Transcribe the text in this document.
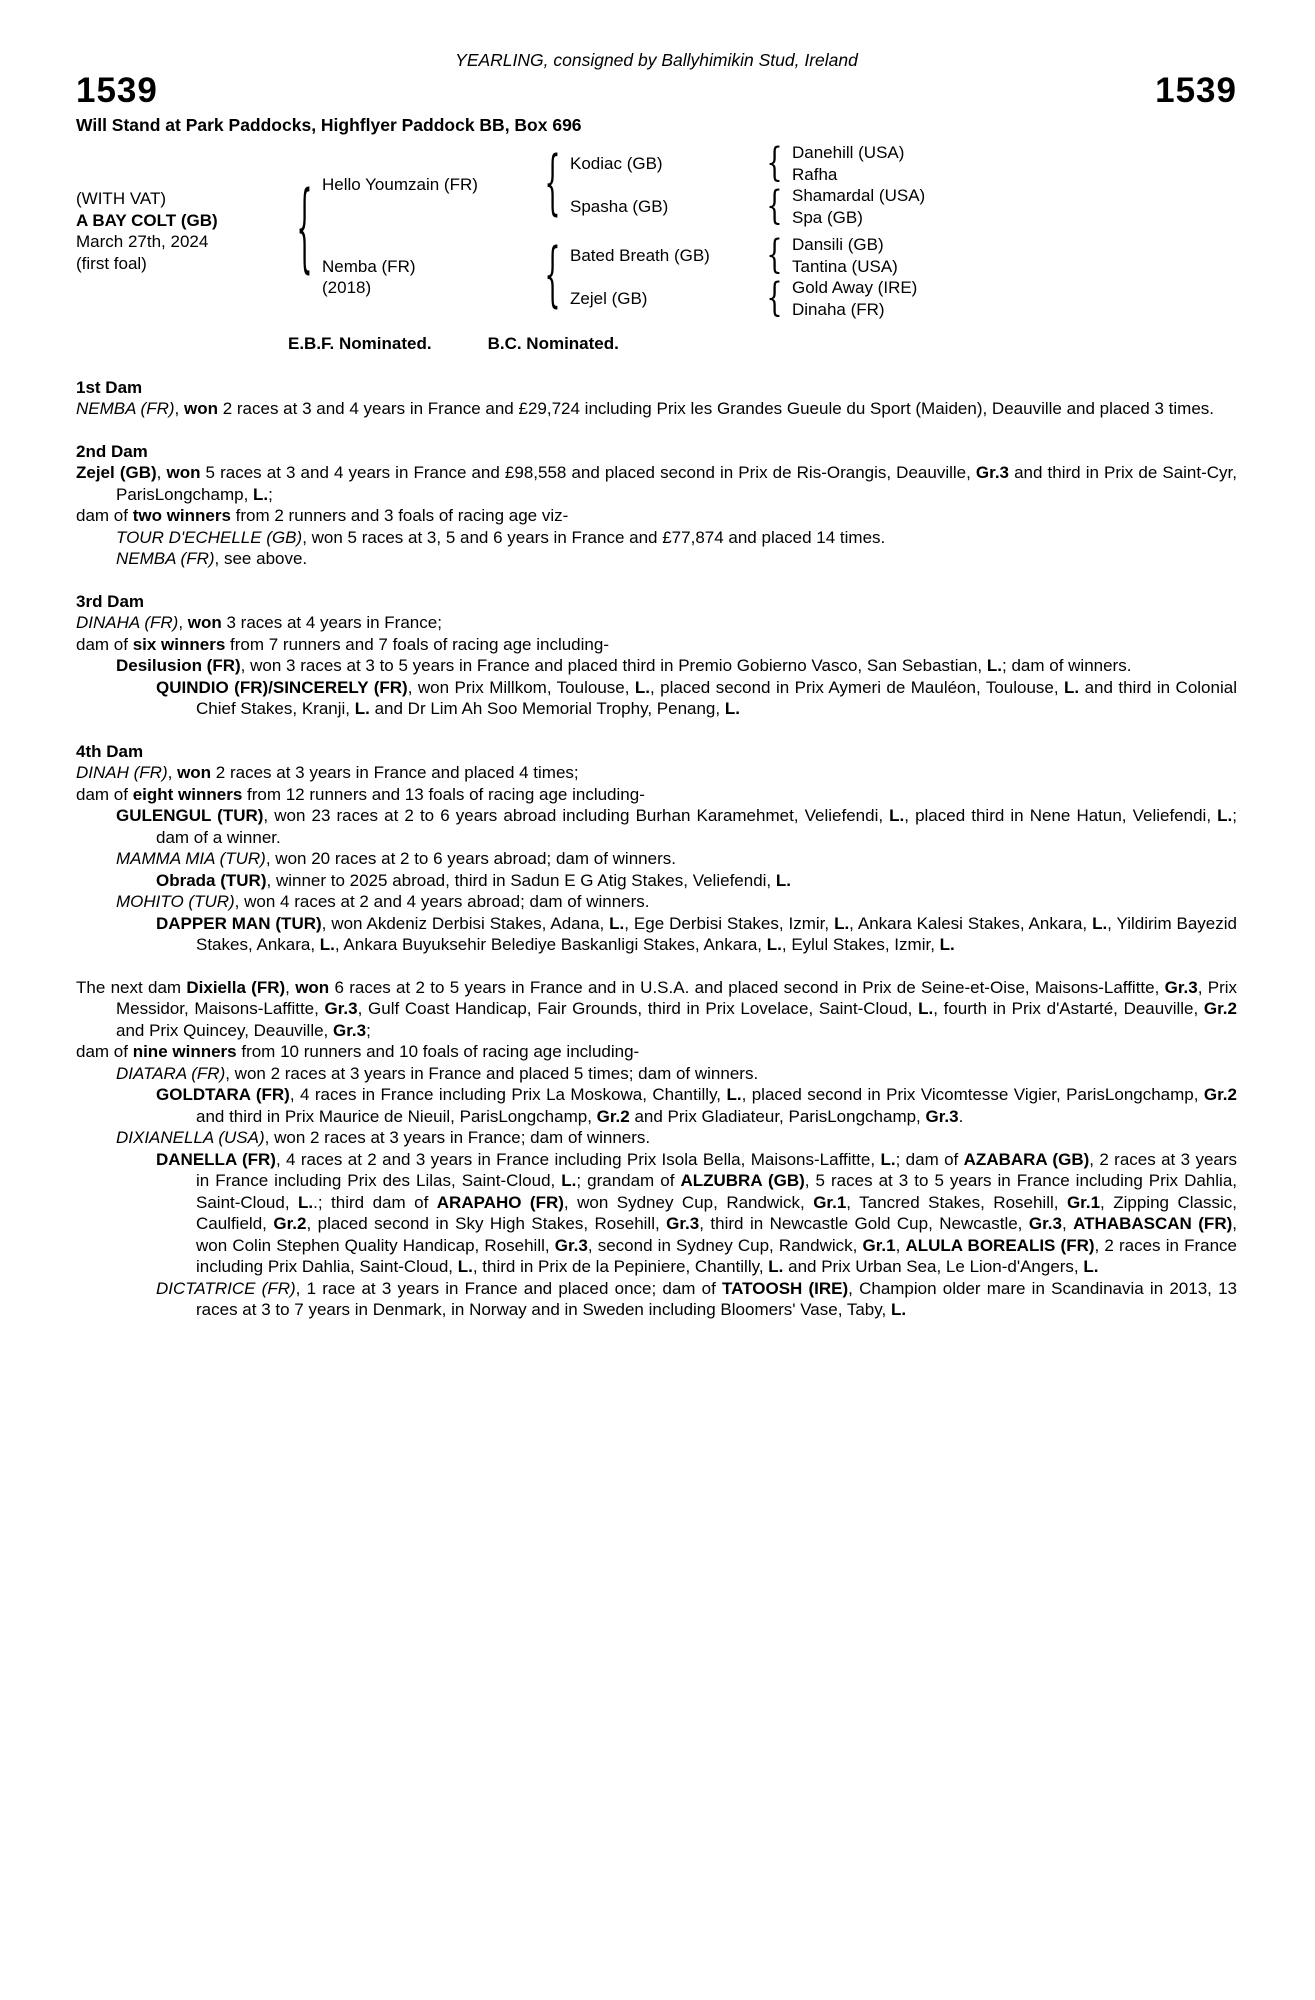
YEARLING, consigned by Ballyhimikin Stud, Ireland
1539	1539
Will Stand at Park Paddocks, Highflyer Paddock BB, Box 696
(WITH VAT)
A BAY COLT (GB)
March 27th, 2024
(first foal)	{ Hello Youmzain (FR)	{ Kodiac (GB)	{ Danehill (USA)
Rafha
Spasha (GB)	{ Shamardal (USA)
Spa (GB)
Nemba (FR)
(2018)	{ Bated Breath (GB)	{ Dansili (GB)
Tantina (USA)
Zejel (GB)	{ Gold Away (IRE)
Dinaha (FR)
E.B.F. Nominated.	B.C. Nominated.
1st Dam
NEMBA (FR), won 2 races at 3 and 4 years in France and £29,724 including Prix les Grandes Gueule du Sport (Maiden), Deauville and placed 3 times.
2nd Dam
Zejel (GB), won 5 races at 3 and 4 years in France and £98,558 and placed second in Prix de Ris-Orangis, Deauville, Gr.3 and third in Prix de Saint-Cyr, ParisLongchamp, L.;
dam of two winners from 2 runners and 3 foals of racing age viz-
TOUR D'ECHELLE (GB), won 5 races at 3, 5 and 6 years in France and £77,874 and placed 14 times.
NEMBA (FR), see above.
3rd Dam
DINAHA (FR), won 3 races at 4 years in France;
dam of six winners from 7 runners and 7 foals of racing age including-
Desilusion (FR), won 3 races at 3 to 5 years in France and placed third in Premio Gobierno Vasco, San Sebastian, L.; dam of winners.
QUINDIO (FR)/SINCERELY (FR), won Prix Millkom, Toulouse, L., placed second in Prix Aymeri de Mauléon, Toulouse, L. and third in Colonial Chief Stakes, Kranji, L. and Dr Lim Ah Soo Memorial Trophy, Penang, L.
4th Dam
DINAH (FR), won 2 races at 3 years in France and placed 4 times;
dam of eight winners from 12 runners and 13 foals of racing age including-
GULENGUL (TUR), won 23 races at 2 to 6 years abroad including Burhan Karamehmet, Veliefendi, L., placed third in Nene Hatun, Veliefendi, L.; dam of a winner.
MAMMA MIA (TUR), won 20 races at 2 to 6 years abroad; dam of winners.
Obrada (TUR), winner to 2025 abroad, third in Sadun E G Atig Stakes, Veliefendi, L.
MOHITO (TUR), won 4 races at 2 and 4 years abroad; dam of winners.
DAPPER MAN (TUR), won Akdeniz Derbisi Stakes, Adana, L., Ege Derbisi Stakes, Izmir, L., Ankara Kalesi Stakes, Ankara, L., Yildirim Bayezid Stakes, Ankara, L., Ankara Buyuksehir Belediye Baskanligi Stakes, Ankara, L., Eylul Stakes, Izmir, L.
The next dam Dixiella (FR), won 6 races at 2 to 5 years in France and in U.S.A. and placed second in Prix de Seine-et-Oise, Maisons-Laffitte, Gr.3, Prix Messidor, Maisons-Laffitte, Gr.3, Gulf Coast Handicap, Fair Grounds, third in Prix Lovelace, Saint-Cloud, L., fourth in Prix d'Astarté, Deauville, Gr.2 and Prix Quincey, Deauville, Gr.3;
dam of nine winners from 10 runners and 10 foals of racing age including-
DIATARA (FR), won 2 races at 3 years in France and placed 5 times; dam of winners.
GOLDTARA (FR), 4 races in France including Prix La Moskowa, Chantilly, L., placed second in Prix Vicomtesse Vigier, ParisLongchamp, Gr.2 and third in Prix Maurice de Nieuil, ParisLongchamp, Gr.2 and Prix Gladiateur, ParisLongchamp, Gr.3.
DIXIANELLA (USA), won 2 races at 3 years in France; dam of winners.
DANELLA (FR), 4 races at 2 and 3 years in France including Prix Isola Bella, Maisons-Laffitte, L.; dam of AZABARA (GB), 2 races at 3 years in France including Prix des Lilas, Saint-Cloud, L.; grandam of ALZUBRA (GB), 5 races at 3 to 5 years in France including Prix Dahlia, Saint-Cloud, L..; third dam of ARAPAHO (FR), won Sydney Cup, Randwick, Gr.1, Tancred Stakes, Rosehill, Gr.1, Zipping Classic, Caulfield, Gr.2, placed second in Sky High Stakes, Rosehill, Gr.3, third in Newcastle Gold Cup, Newcastle, Gr.3, ATHABASCAN (FR), won Colin Stephen Quality Handicap, Rosehill, Gr.3, second in Sydney Cup, Randwick, Gr.1, ALULA BOREALIS (FR), 2 races in France including Prix Dahlia, Saint-Cloud, L., third in Prix de la Pepiniere, Chantilly, L. and Prix Urban Sea, Le Lion-d'Angers, L.
DICTATRICE (FR), 1 race at 3 years in France and placed once; dam of TATOOSH (IRE), Champion older mare in Scandinavia in 2013, 13 races at 3 to 7 years in Denmark, in Norway and in Sweden including Bloomers' Vase, Taby, L.
